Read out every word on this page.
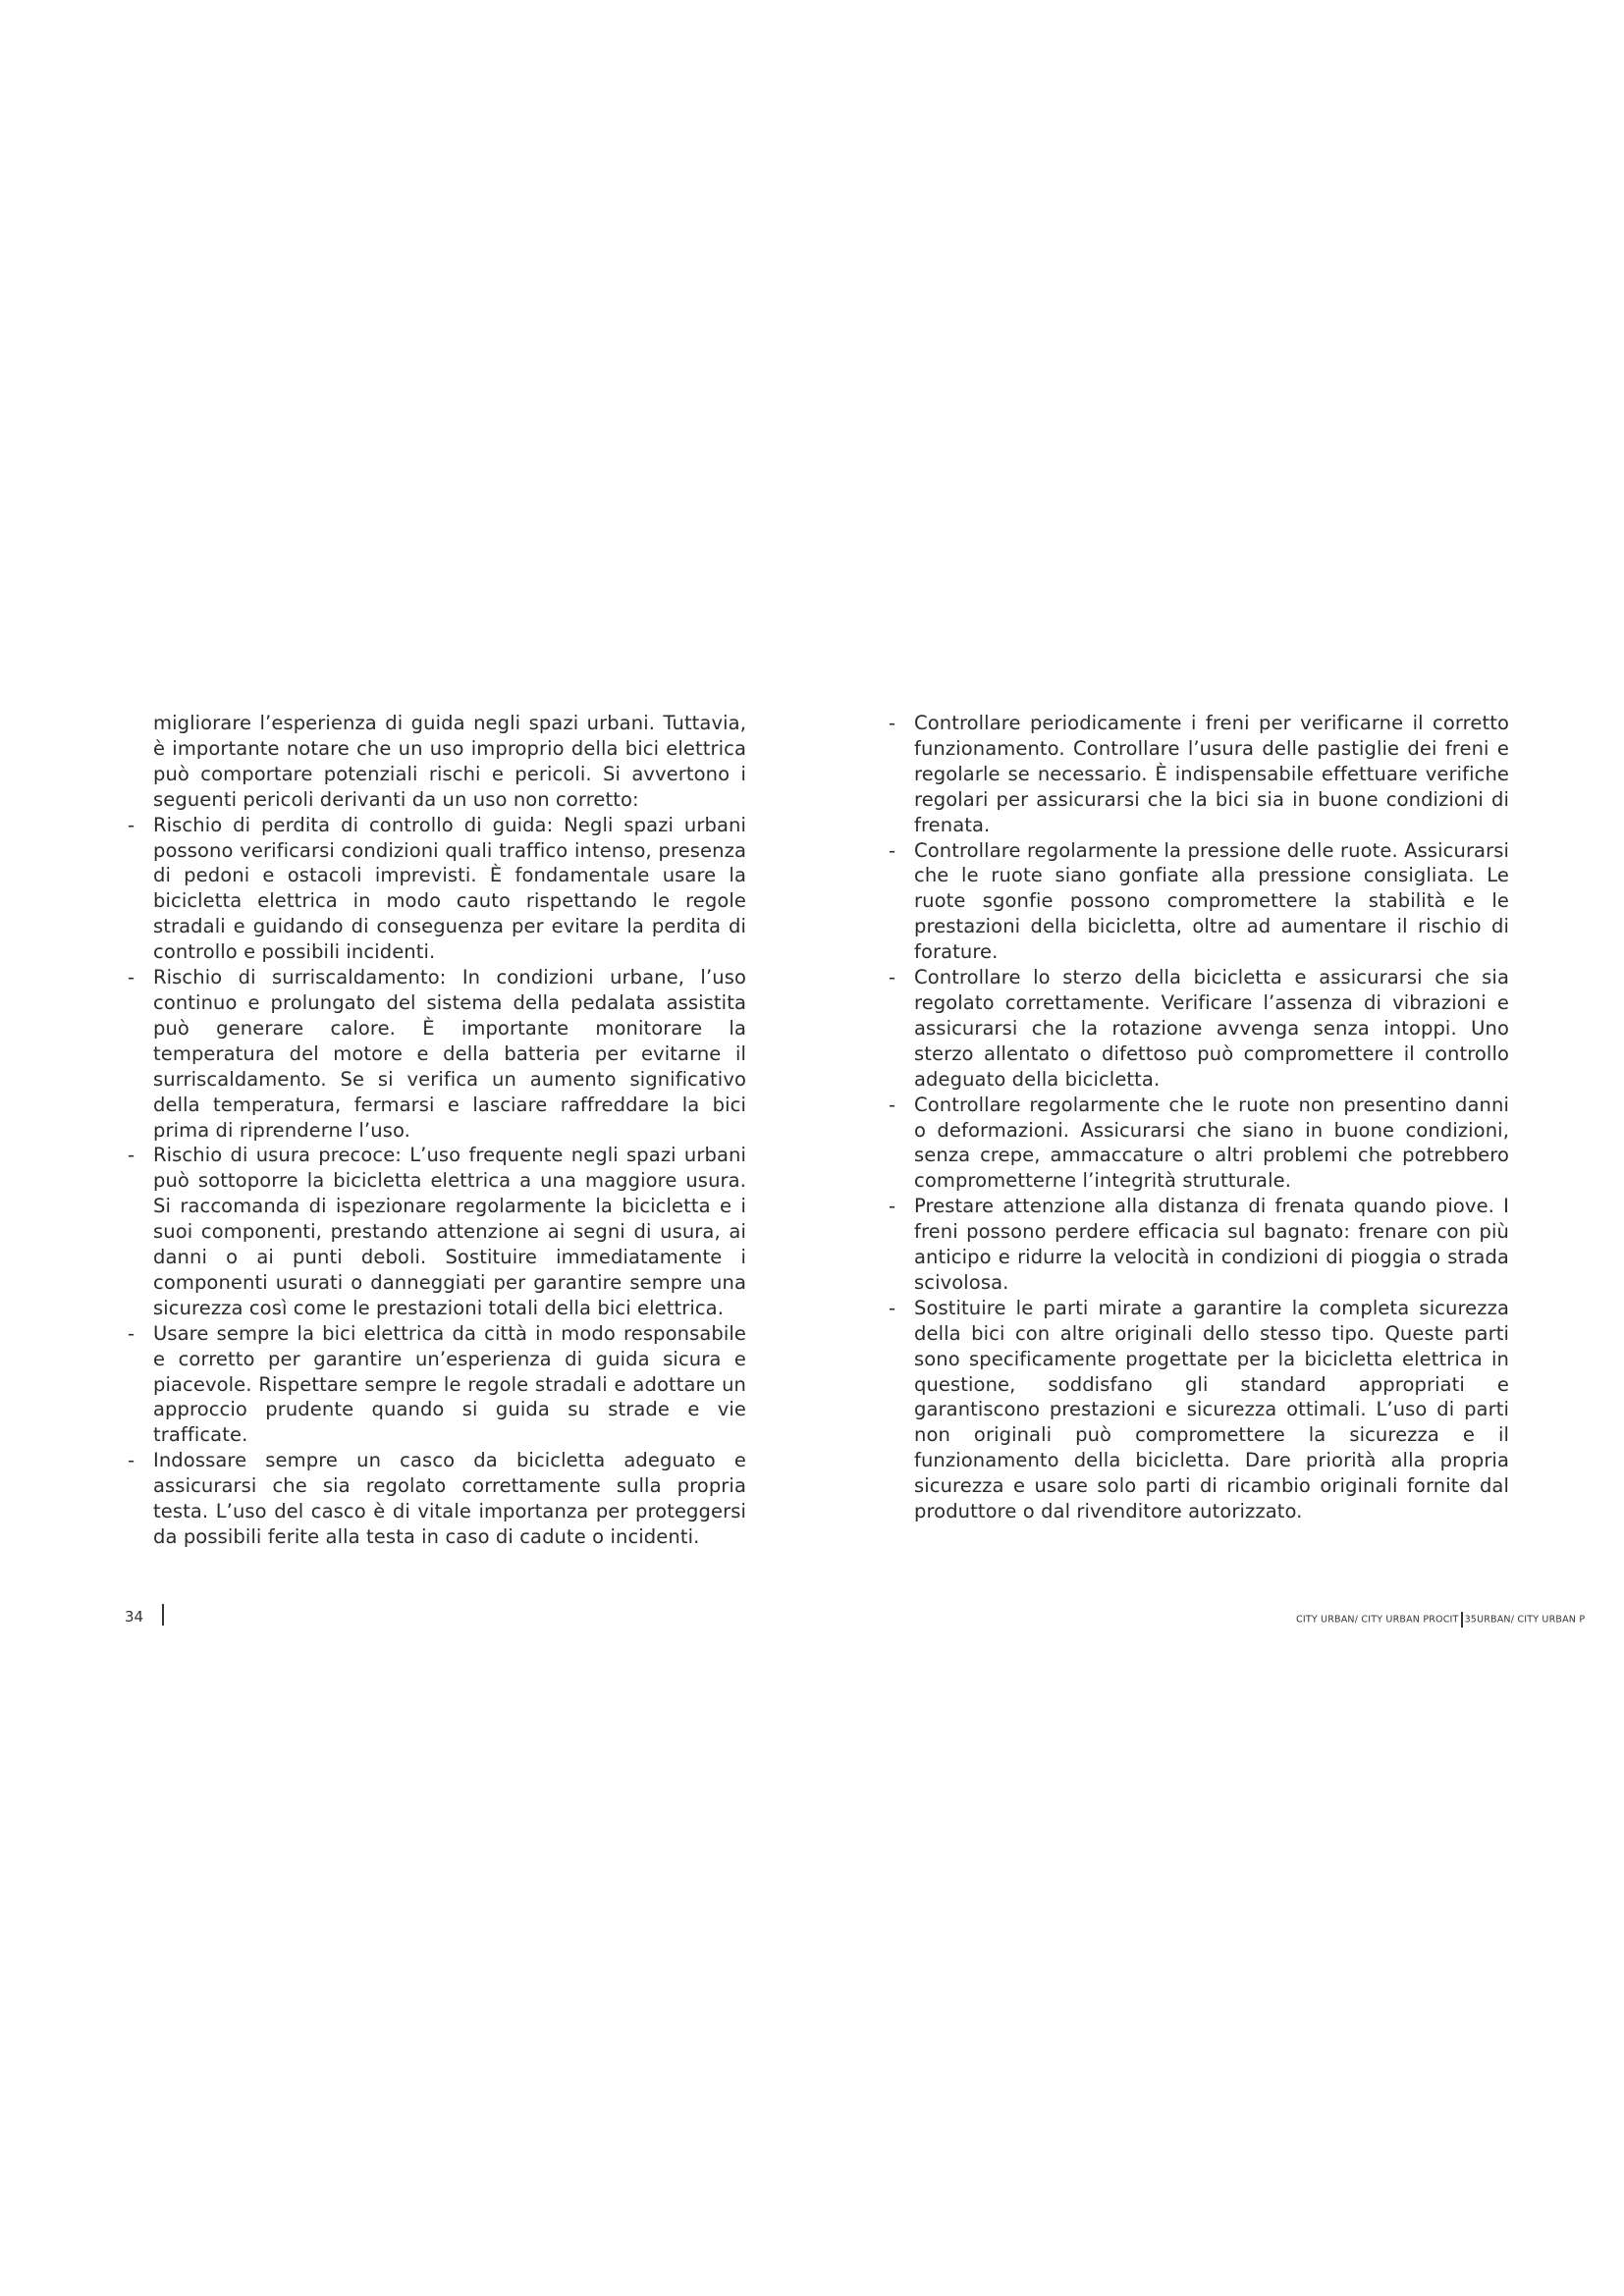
migliorare l’esperienza di guida negli spazi urbani. Tuttavia, è importante notare che un uso improprio della bici elettrica può comportare potenziali rischi e pericoli. Si avvertono i seguenti pericoli derivanti da un uso non corretto:

- Rischio di perdita di controllo di guida: Negli spazi urbani possono verificarsi condizioni quali traffico intenso, presenza di pedoni e ostacoli imprevisti. È fondamentale usare la bicicletta elettrica in modo cauto rispettando le regole stradali e guidando di conseguenza per evitare la perdita di controllo e possibili incidenti.
- Rischio di surriscaldamento: In condizioni urbane, l’uso continuo e prolungato del sistema della pedalata assistita può generare calore. È importante monitorare la temperatura del motore e della batteria per evitarne il surriscaldamento. Se si verifica un aumento significativo della temperatura, fermarsi e lasciare raffreddare la bici prima di riprenderne l’uso.
- Rischio di usura precoce: L’uso frequente negli spazi urbani può sottoporre la bicicletta elettrica a una maggiore usura. Si raccomanda di ispezionare regolarmente la bicicletta e i suoi componenti, prestando attenzione ai segni di usura, ai danni o ai punti deboli. Sostituire immediatamente i componenti usurati o danneggiati per garantire sempre una sicurezza così come le prestazioni totali della bici elettrica.
- Usare sempre la bici elettrica da città in modo responsabile e corretto per garantire un’esperienza di guida sicura e piacevole. Rispettare sempre le regole stradali e adottare un approccio prudente quando si guida su strade e vie trafficate.
- Indossare sempre un casco da bicicletta adeguato e assicurarsi che sia regolato correttamente sulla propria testa. L’uso del casco è di vitale importanza per proteggersi da possibili ferite alla testa in caso di cadute o incidenti.
- Controllare periodicamente i freni per verificarne il corretto funzionamento. Controllare l’usura delle pastiglie dei freni e regolarle se necessario. È indispensabile effettuare verifiche regolari per assicurarsi che la bici sia in buone condizioni di frenata.
- Controllare regolarmente la pressione delle ruote. Assicurarsi che le ruote siano gonfiate alla pressione consigliata. Le ruote sgonfie possono compromettere la stabilità e le prestazioni della bicicletta, oltre ad aumentare il rischio di forature.
- Controllare lo sterzo della bicicletta e assicurarsi che sia regolato correttamente. Verificare l’assenza di vibrazioni e assicurarsi che la rotazione avvenga senza intoppi. Uno sterzo allentato o difettoso può compromettere il controllo adeguato della bicicletta.
- Controllare regolarmente che le ruote non presentino danni o deformazioni. Assicurarsi che siano in buone condizioni, senza crepe, ammaccature o altri problemi che potrebbero comprometterne l’integrità strutturale.
- Prestare attenzione alla distanza di frenata quando piove. I freni possono perdere efficacia sul bagnato: frenare con più anticipo e ridurre la velocità in condizioni di pioggia o strada scivolosa.
- Sostituire le parti mirate a garantire la completa sicurezza della bici con altre originali dello stesso tipo. Queste parti sono specificamente progettate per la bicicletta elettrica in questione, soddisfano gli standard appropriati e garantiscono prestazioni e sicurezza ottimali. L’uso di parti non originali può compromettere la sicurezza e il funzionamento della bicicletta. Dare priorità alla propria sicurezza e usare solo parti di ricambio originali fornite dal produttore o dal rivenditore autorizzato.
34	CITY URBAN/ CITY URBAN PROCIT 35URBAN/ CITY URBAN P
